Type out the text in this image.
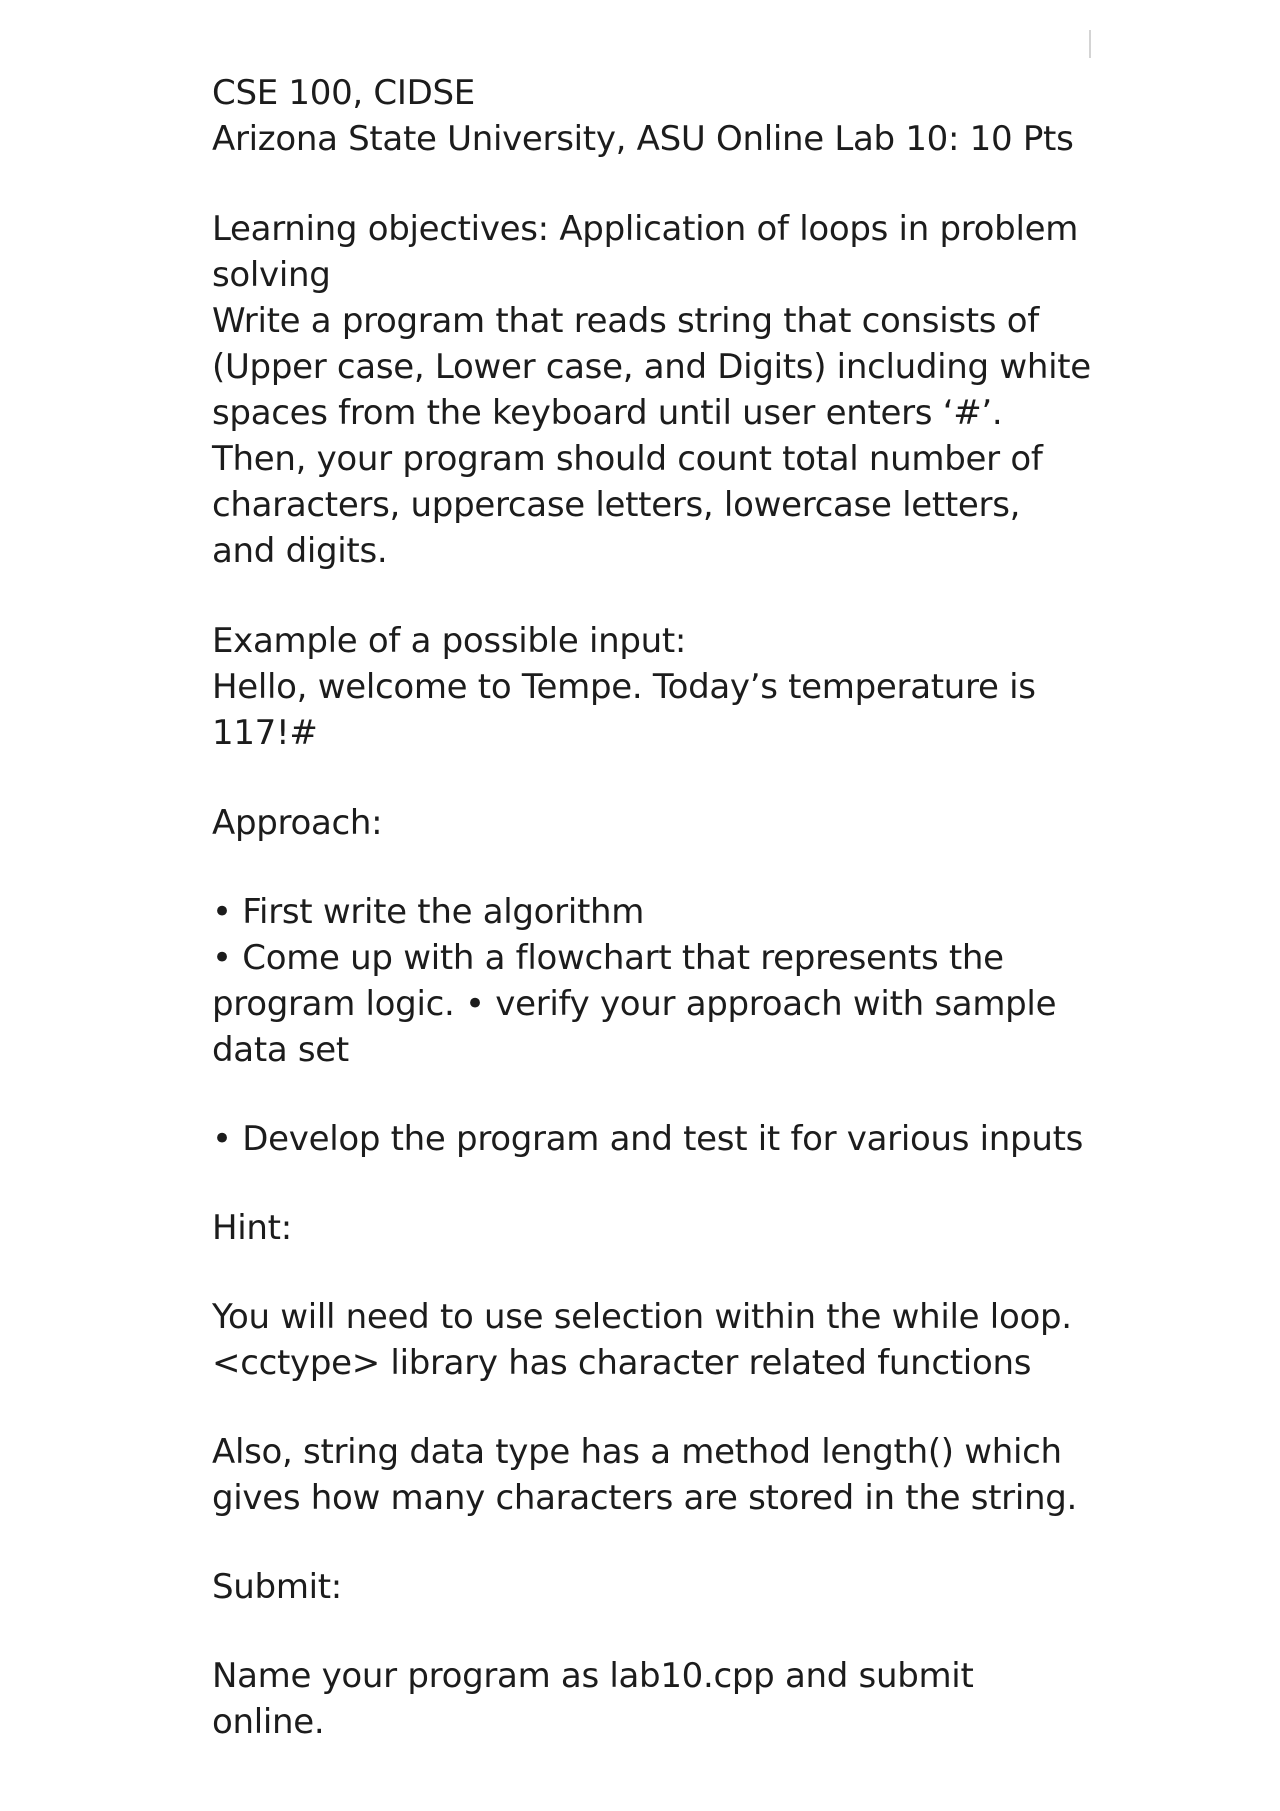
CSE 100, CIDSE

Arizona State University, ASU Online Lab 10: 10 Pts

Learning objectives: Application of loops in problem solving

Write a program that reads string that consists of (Upper case, Lower case, and Digits) including white spaces from the keyboard until user enters ‘#’. Then, your program should count total number of characters, uppercase letters, lowercase letters, and digits.

Example of a possible input:

Hello, welcome to Tempe. Today’s temperature is 117!#

Approach:

• First write the algorithm

• Come up with a flowchart that represents the program logic. • verify your approach with sample data set

• Develop the program and test it for various inputs

Hint:

You will need to use selection within the while loop. <cctype> library has character related functions

Also, string data type has a method length() which gives how many characters are stored in the string.

Submit:

Name your program as lab10.cpp and submit online.
